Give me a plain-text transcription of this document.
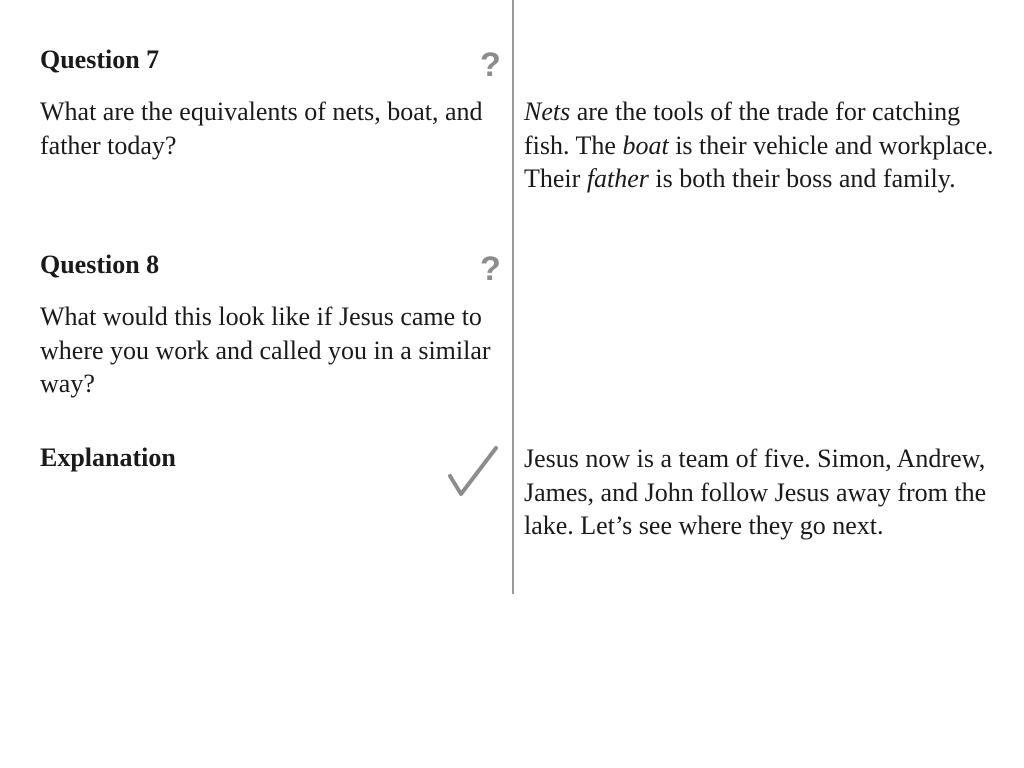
Question 7	?
What are the equivalents of nets, boat, and father today?
Nets are the tools of the trade for catching fish. The boat is their vehicle and workplace. Their father is both their boss and family.
Question 8	?
What would this look like if Jesus came to where you work and called you in a similar way?
Explanation	Jesus now is a team of five. Simon, Andrew, James, and John follow Jesus away from the lake. Let’s see where they go next.
